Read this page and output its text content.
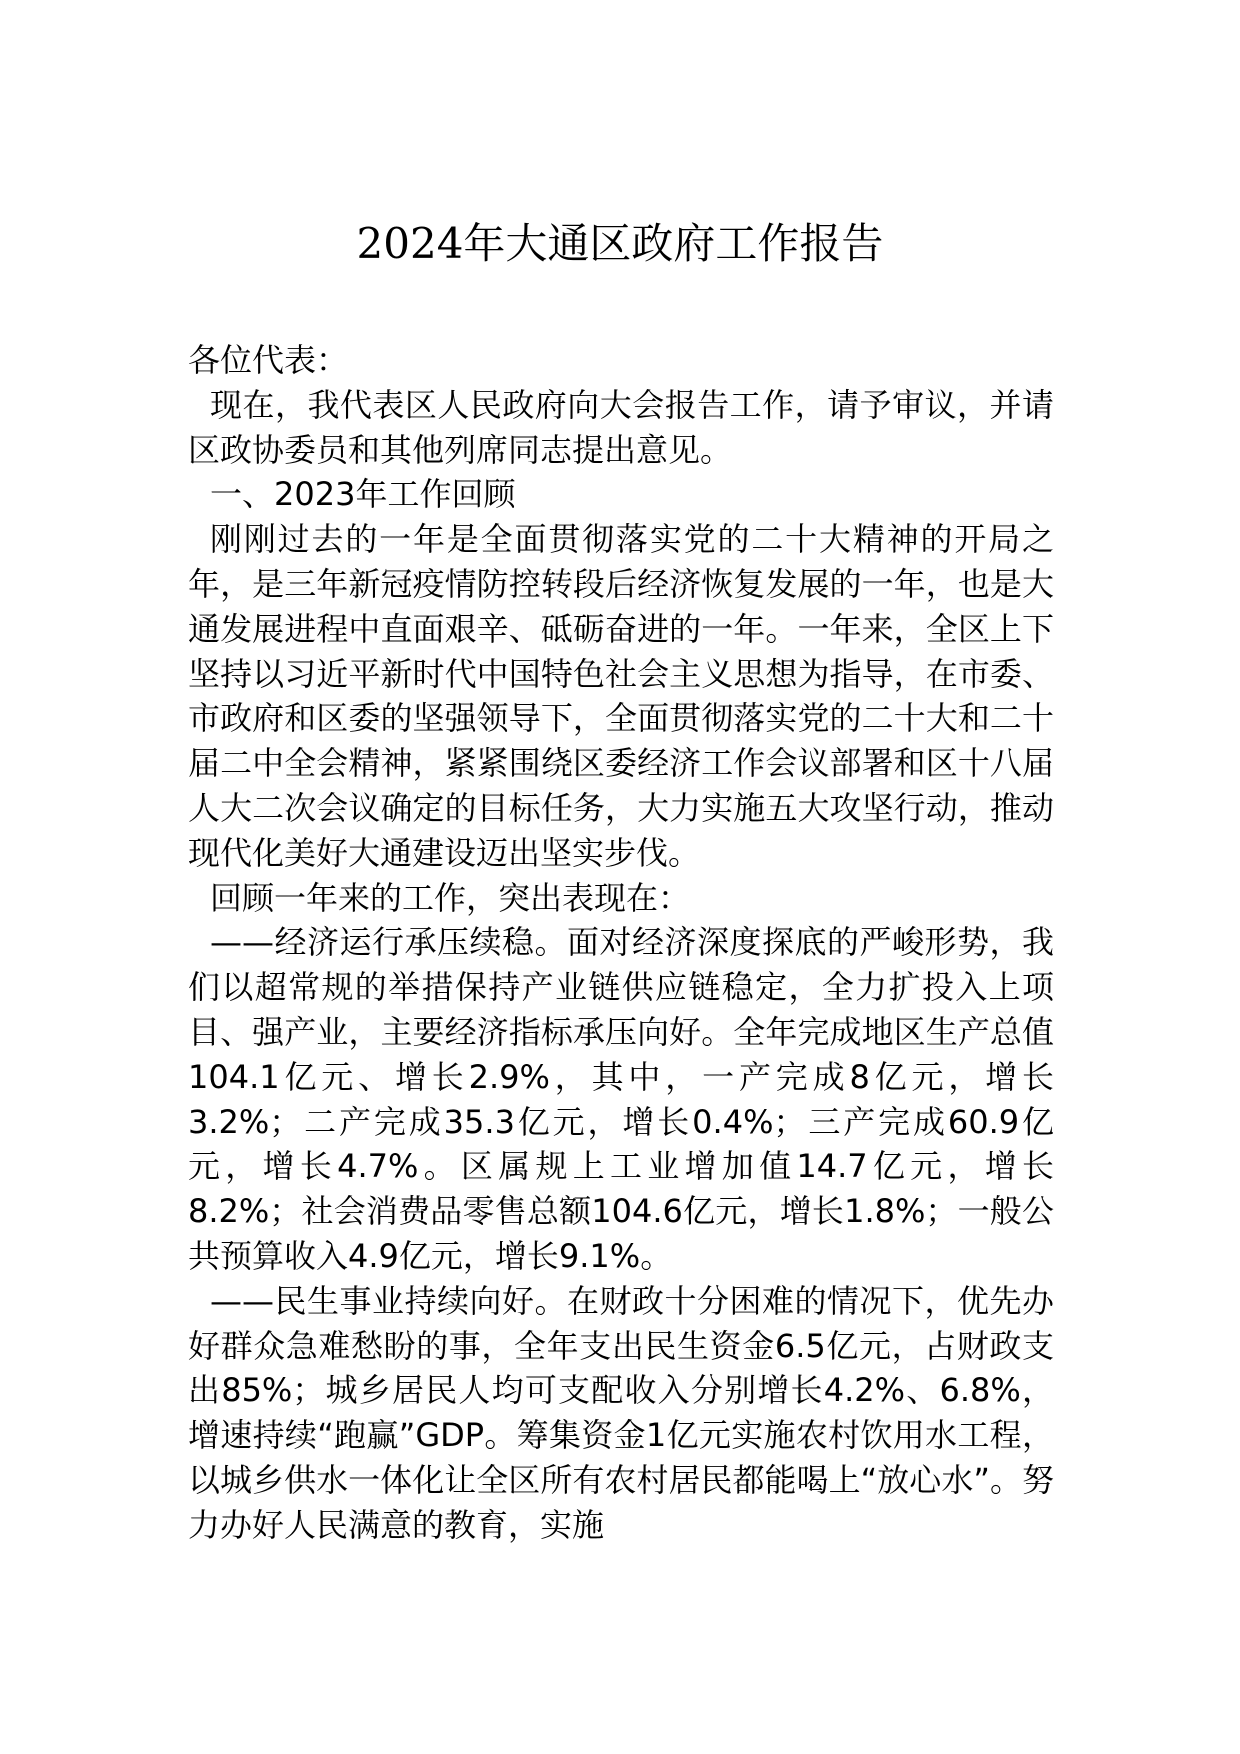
2024年大通区政府工作报告

各位代表：

现在，我代表区人民政府向大会报告工作，请予审议，并请区政协委员和其他列席同志提出意见。

一、2023年工作回顾

刚刚过去的一年是全面贯彻落实党的二十大精神的开局之年，是三年新冠疫情防控转段后经济恢复发展的一年，也是大通发展进程中直面艰辛、砥砺奋进的一年。一年来，全区上下坚持以习近平新时代中国特色社会主义思想为指导，在市委、市政府和区委的坚强领导下，全面贯彻落实党的二十大和二十届二中全会精神，紧紧围绕区委经济工作会议部署和区十八届人大二次会议确定的目标任务，大力实施五大攻坚行动，推动现代化美好大通建设迈出坚实步伐。

回顾一年来的工作，突出表现在：

——经济运行承压续稳。面对经济深度探底的严峻形势，我们以超常规的举措保持产业链供应链稳定，全力扩投入上项目、强产业，主要经济指标承压向好。全年完成地区生产总值104.1亿元、增长2.9%，其中，一产完成8亿元，增长3.2%；二产完成35.3亿元，增长0.4%；三产完成60.9亿元，增长4.7%。区属规上工业增加值14.7亿元，增长8.2%；社会消费品零售总额104.6亿元，增长1.8%；一般公共预算收入4.9亿元，增长9.1%。

——民生事业持续向好。在财政十分困难的情况下，优先办好群众急难愁盼的事，全年支出民生资金6.5亿元，占财政支出85%；城乡居民人均可支配收入分别增长4.2%、6.8%，增速持续“跑赢”GDP。筹集资金1亿元实施农村饮用水工程，以城乡供水一体化让全区所有农村居民都能喝上“放心水”。努力办好人民满意的教育，实施
